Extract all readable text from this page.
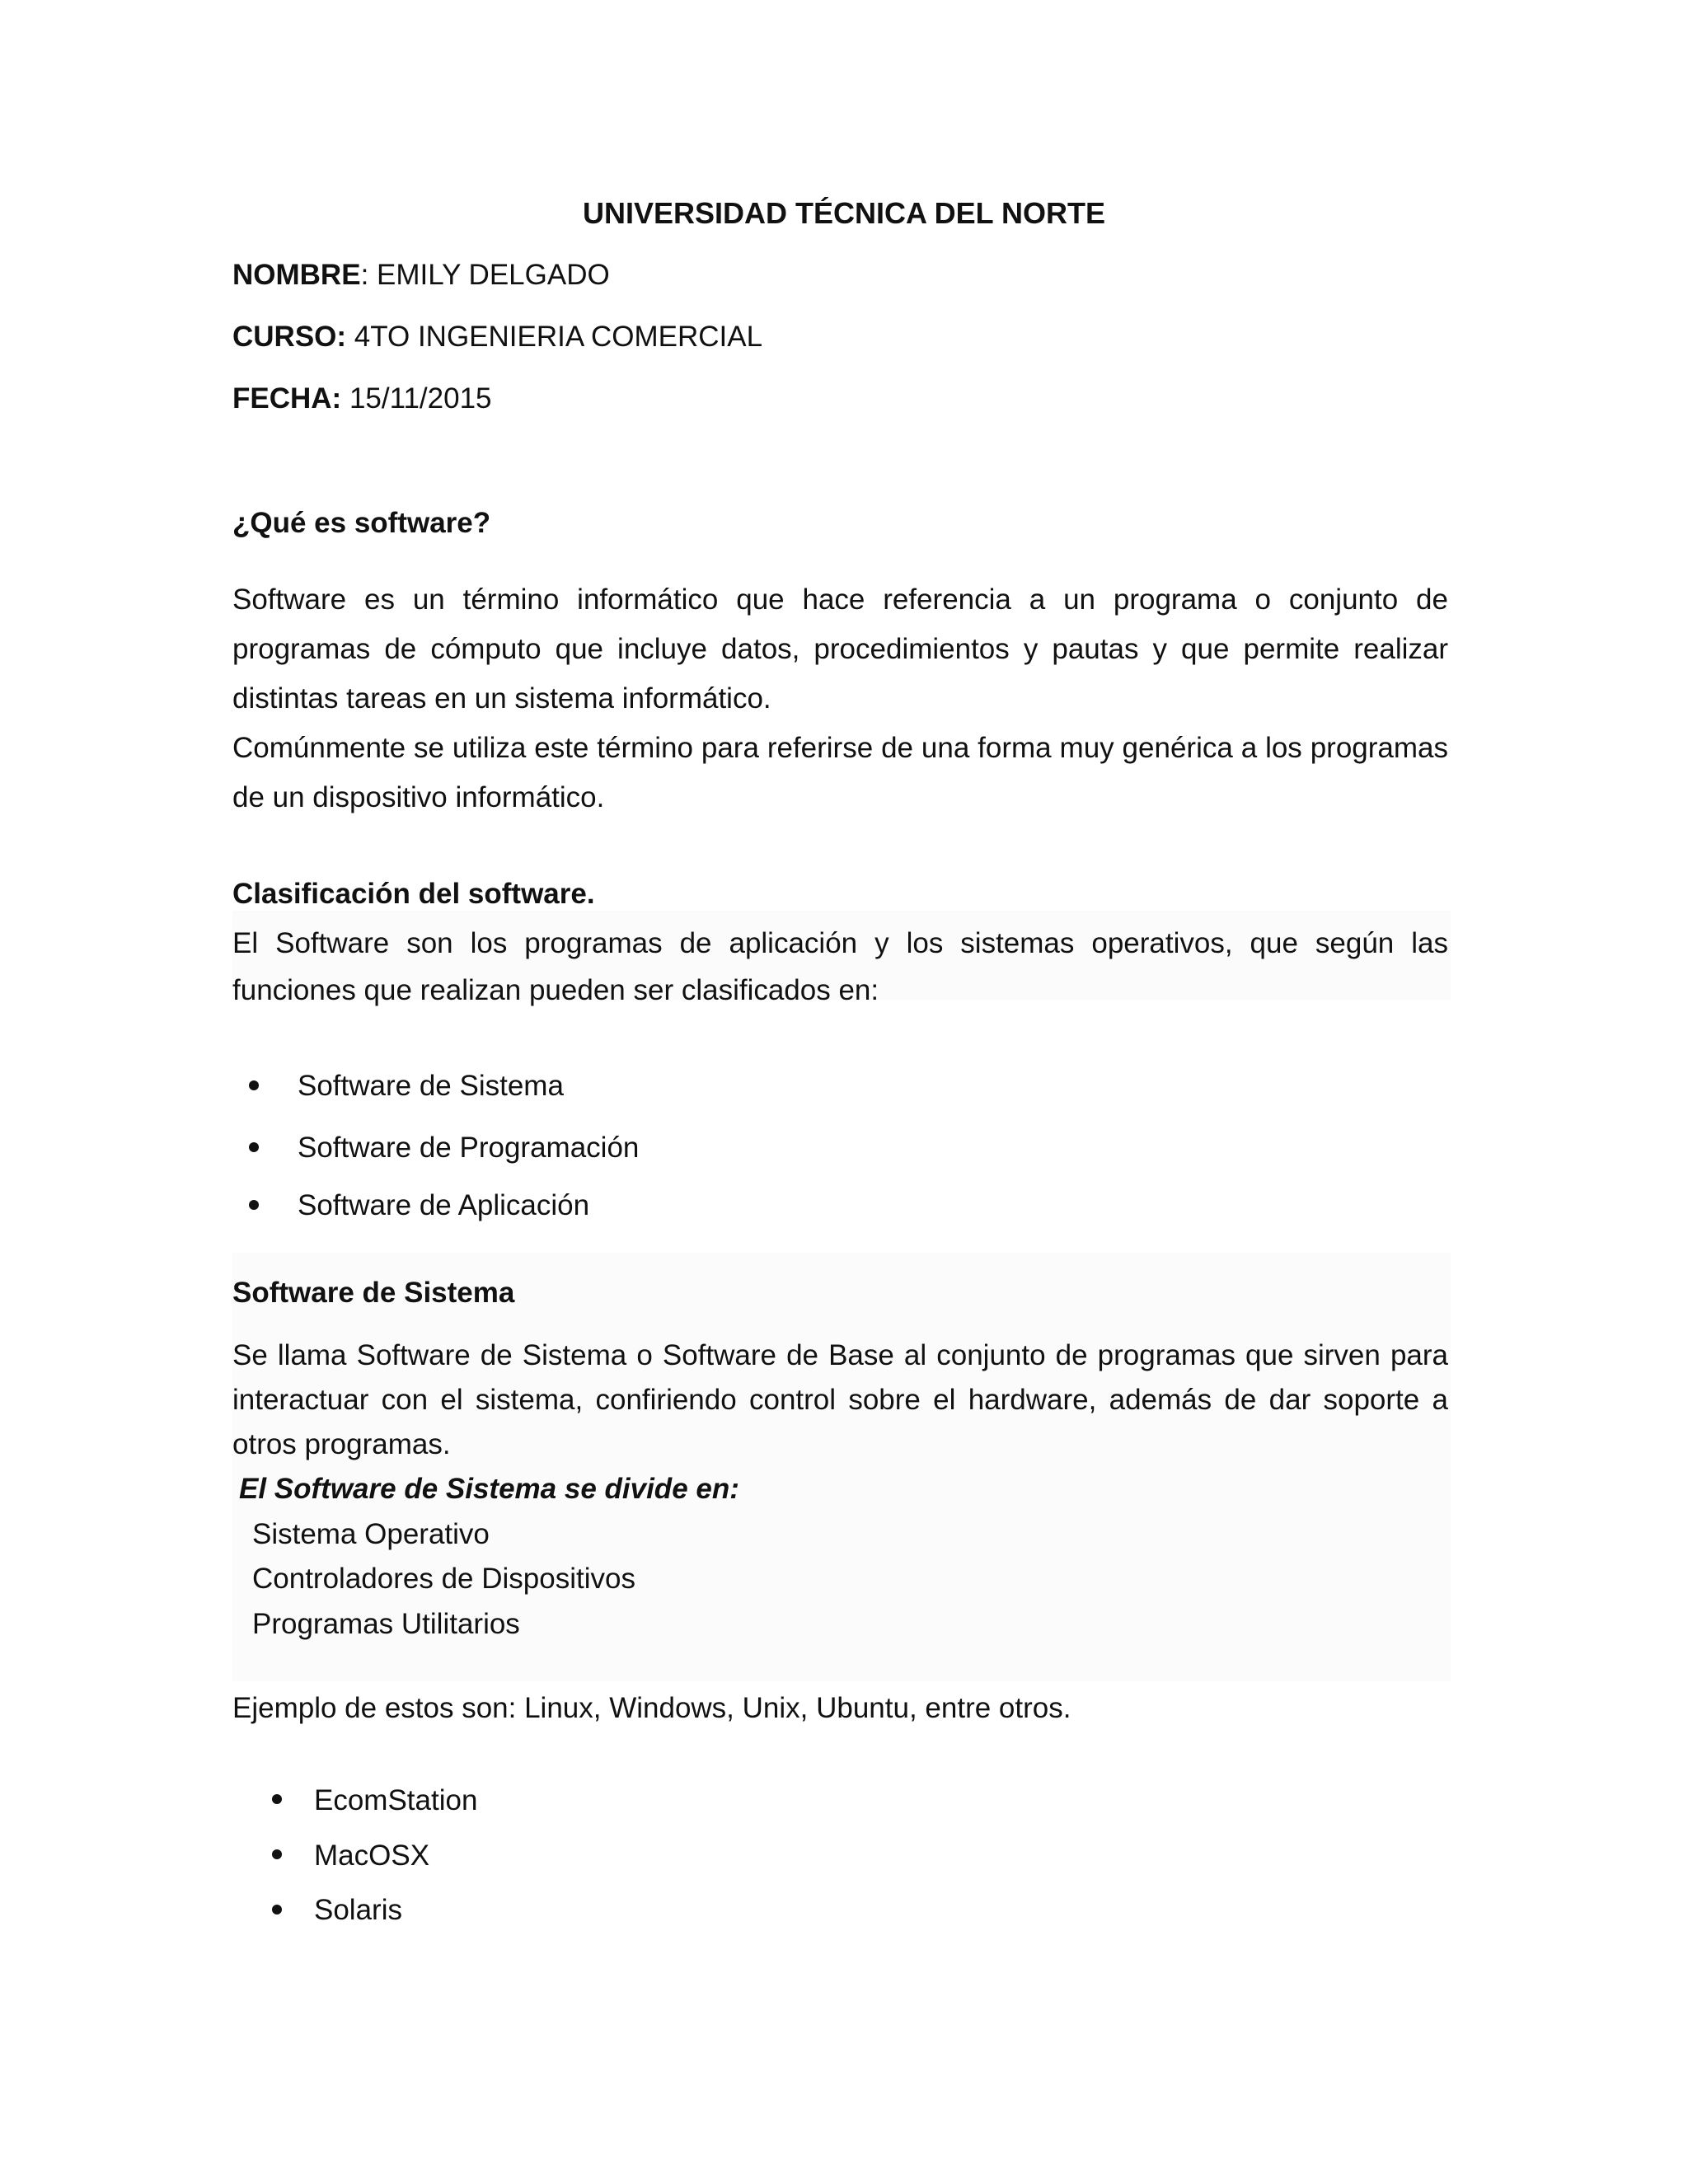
UNIVERSIDAD TÉCNICA DEL NORTE
NOMBRE: EMILY DELGADO
CURSO: 4TO INGENIERIA COMERCIAL
FECHA: 15/11/2015
¿Qué es software?
Software es un término informático que hace referencia a un programa o conjunto de programas de cómputo que incluye datos, procedimientos y pautas y que permite realizar distintas tareas en un sistema informático.
Comúnmente se utiliza este término para referirse de una forma muy genérica a los programas de un dispositivo informático.
Clasificación del software.
El Software son los programas de aplicación y los sistemas operativos, que según las funciones que realizan pueden ser clasificados en:
Software de Sistema
Software de Programación
Software de Aplicación
Software de Sistema
Se llama Software de Sistema o Software de Base al conjunto de programas que sirven para interactuar con el sistema, confiriendo control sobre el hardware, además de dar soporte a otros programas.
El Software de Sistema se divide en:
Sistema Operativo
Controladores de Dispositivos
Programas Utilitarios
Ejemplo de estos son: Linux, Windows, Unix, Ubuntu, entre otros.
EcomStation
MacOSX
Solaris
